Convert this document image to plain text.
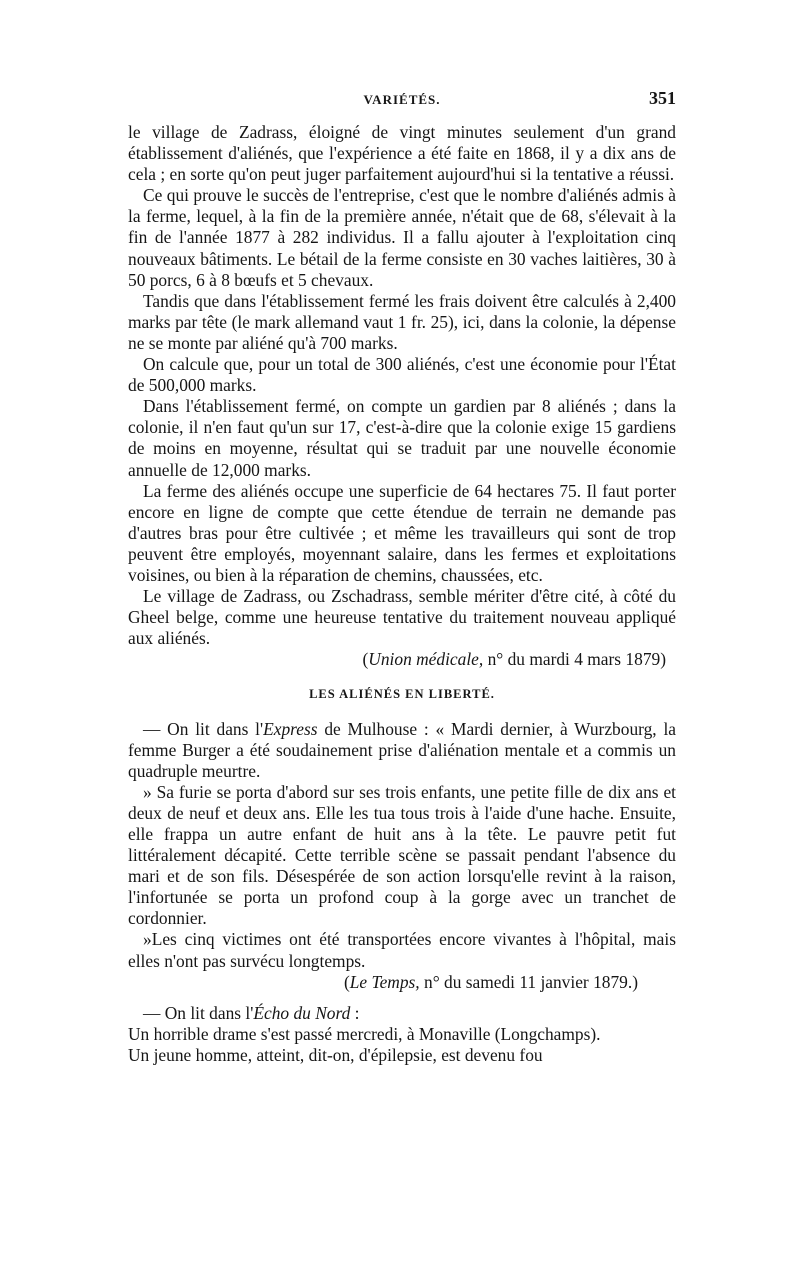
VARIÉTÉS.	351

le village de Zadrass, éloigné de vingt minutes seulement d'un grand établissement d'aliénés, que l'expérience a été faite en 1868, il y a dix ans de cela ; en sorte qu'on peut juger parfaitement aujourd'hui si la tentative a réussi.

Ce qui prouve le succès de l'entreprise, c'est que le nombre d'aliénés admis à la ferme, lequel, à la fin de la première année, n'était que de 68, s'élevait à la fin de l'année 1877 à 282 individus. Il a fallu ajouter à l'exploitation cinq nouveaux bâtiments. Le bétail de la ferme consiste en 30 vaches laitières, 30 à 50 porcs, 6 à 8 bœufs et 5 chevaux.

Tandis que dans l'établissement fermé les frais doivent être calculés à 2,400 marks par tête (le mark allemand vaut 1 fr. 25), ici, dans la colonie, la dépense ne se monte par aliéné qu'à 700 marks.

On calcule que, pour un total de 300 aliénés, c'est une économie pour l'État de 500,000 marks.

Dans l'établissement fermé, on compte un gardien par 8 aliénés ; dans la colonie, il n'en faut qu'un sur 17, c'est-à-dire que la colonie exige 15 gardiens de moins en moyenne, résultat qui se traduit par une nouvelle économie annuelle de 12,000 marks.

La ferme des aliénés occupe une superficie de 64 hectares 75. Il faut porter encore en ligne de compte que cette étendue de terrain ne demande pas d'autres bras pour être cultivée ; et même les travailleurs qui sont de trop peuvent être employés, moyennant salaire, dans les fermes et exploitations voisines, ou bien à la réparation de chemins, chaussées, etc.

Le village de Zadrass, ou Zschadrass, semble mériter d'être cité, à côté du Gheel belge, comme une heureuse tentative du traitement nouveau appliqué aux aliénés.

(Union médicale, n° du mardi 4 mars 1879)

LES ALIÉNÉS EN LIBERTÉ.

— On lit dans l'Express de Mulhouse : « Mardi dernier, à Wurzbourg, la femme Burger a été soudainement prise d'aliénation mentale et a commis un quadruple meurtre.

» Sa furie se porta d'abord sur ses trois enfants, une petite fille de dix ans et deux de neuf et deux ans. Elle les tua tous trois à l'aide d'une hache. Ensuite, elle frappa un autre enfant de huit ans à la tête. Le pauvre petit fut littéralement décapité. Cette terrible scène se passait pendant l'absence du mari et de son fils. Désespérée de son action lorsqu'elle revint à la raison, l'infortunée se porta un profond coup à la gorge avec un tranchet de cordonnier.

»Les cinq victimes ont été transportées encore vivantes à l'hôpital, mais elles n'ont pas survécu longtemps.

(Le Temps, n° du samedi 11 janvier 1879.)

— On lit dans l'Écho du Nord :

Un horrible drame s'est passé mercredi, à Monaville (Longchamps).

Un jeune homme, atteint, dit-on, d'épilepsie, est devenu fou
